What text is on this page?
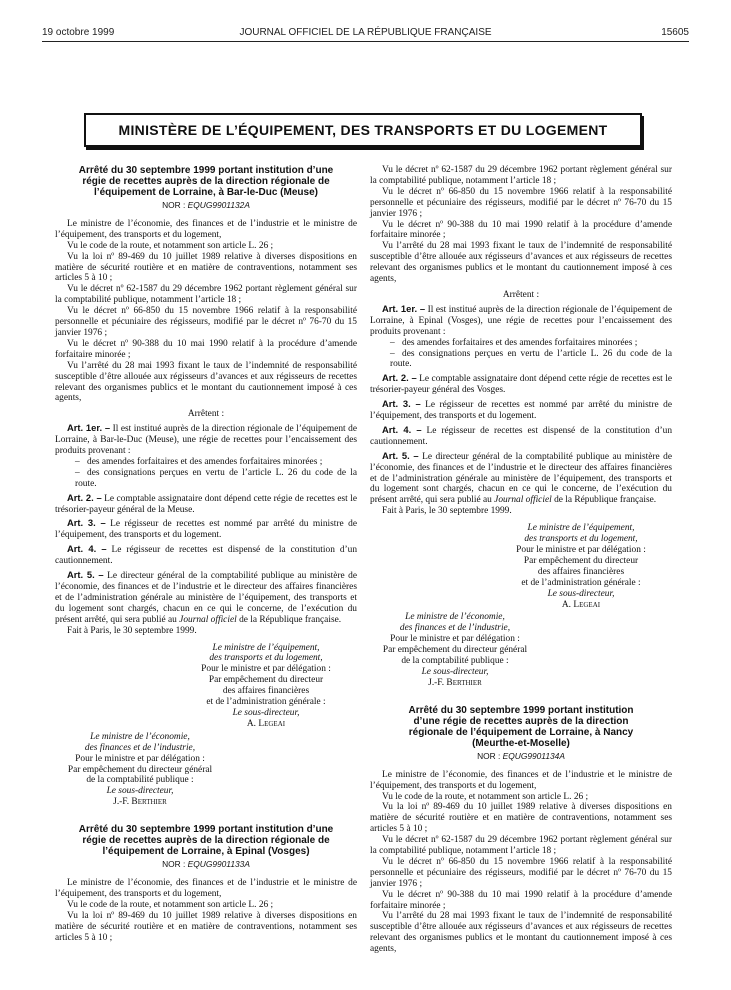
19 octobre 1999	JOURNAL OFFICIEL DE LA RÉPUBLIQUE FRANÇAISE	15605
MINISTÈRE DE L’ÉQUIPEMENT, DES TRANSPORTS ET DU LOGEMENT
Arrêté du 30 septembre 1999 portant institution d’une
régie de recettes auprès de la direction régionale de
l’équipement de Lorraine, à Bar-le-Duc (Meuse)
NOR : EQUG9901132A

Le ministre de l’économie, des finances et de l’industrie et le ministre de l’équipement, des transports et du logement,

Vu le code de la route, et notamment son article L. 26 ;

Vu la loi nº 89-469 du 10 juillet 1989 relative à diverses dispositions en matière de sécurité routière et en matière de contraventions, notamment ses articles 5 à 10 ;

Vu le décret nº 62-1587 du 29 décembre 1962 portant règlement général sur la comptabilité publique, notamment l’article 18 ;

Vu le décret nº 66-850 du 15 novembre 1966 relatif à la responsabilité personnelle et pécuniaire des régisseurs, modifié par le décret nº 76-70 du 15 janvier 1976 ;

Vu le décret nº 90-388 du 10 mai 1990 relatif à la procédure d’amende forfaitaire minorée ;

Vu l’arrêté du 28 mai 1993 fixant le taux de l’indemnité de responsabilité susceptible d’être allouée aux régisseurs d’avances et aux régisseurs de recettes relevant des organismes publics et le montant du cautionnement imposé à ces agents,

Arrêtent :

Art. 1er. – Il est institué auprès de la direction régionale de l’équipement de Lorraine, à Bar-le-Duc (Meuse), une régie de recettes pour l’encaissement des produits provenant :

– des amendes forfaitaires et des amendes forfaitaires minorées ;

– des consignations perçues en vertu de l’article L. 26 du code de la route.

Art. 2. – Le comptable assignataire dont dépend cette régie de recettes est le trésorier-payeur général de la Meuse.

Art. 3. – Le régisseur de recettes est nommé par arrêté du ministre de l’équipement, des transports et du logement.

Art. 4. – Le régisseur de recettes est dispensé de la constitution d’un cautionnement.

Art. 5. – Le directeur général de la comptabilité publique au ministère de l’économie, des finances et de l’industrie et le directeur des affaires financières et de l’administration générale au ministère de l’équipement, des transports et du logement sont chargés, chacun en ce qui le concerne, de l’exécution du présent arrêté, qui sera publié au Journal officiel de la République française.

Fait à Paris, le 30 septembre 1999.

Le ministre de l’équipement,
des transports et du logement,
Pour le ministre et par délégation :
Par empêchement du directeur
des affaires financières
et de l’administration générale :
Le sous-directeur,
A. Legeai
Le ministre de l’économie,
des finances et de l’industrie,
Pour le ministre et par délégation :
Par empêchement du directeur général
de la comptabilité publique :
Le sous-directeur,
J.-F. Berthier
Arrêté du 30 septembre 1999 portant institution d’une
régie de recettes auprès de la direction régionale de
l’équipement de Lorraine, à Epinal (Vosges)
NOR : EQUG9901133A

Le ministre de l’économie, des finances et de l’industrie et le ministre de l’équipement, des transports et du logement,

Vu le code de la route, et notamment son article L. 26 ;

Vu la loi nº 89-469 du 10 juillet 1989 relative à diverses dispositions en matière de sécurité routière et en matière de contraventions, notamment ses articles 5 à 10 ;

Vu le décret nº 62-1587 du 29 décembre 1962 portant règlement général sur la comptabilité publique, notamment l’article 18 ;

Vu le décret nº 66-850 du 15 novembre 1966 relatif à la responsabilité personnelle et pécuniaire des régisseurs, modifié par le décret nº 76-70 du 15 janvier 1976 ;

Vu le décret nº 90-388 du 10 mai 1990 relatif à la procédure d’amende forfaitaire minorée ;

Vu l’arrêté du 28 mai 1993 fixant le taux de l’indemnité de responsabilité susceptible d’être allouée aux régisseurs d’avances et aux régisseurs de recettes relevant des organismes publics et le montant du cautionnement imposé à ces agents,

Arrêtent :

Art. 1er. – Il est institué auprès de la direction régionale de l’équipement de Lorraine, à Epinal (Vosges), une régie de recettes pour l’encaissement des produits provenant :

– des amendes forfaitaires et des amendes forfaitaires minorées ;

– des consignations perçues en vertu de l’article L. 26 du code de la route.

Art. 2. – Le comptable assignataire dont dépend cette régie de recettes est le trésorier-payeur général des Vosges.

Art. 3. – Le régisseur de recettes est nommé par arrêté du ministre de l’équipement, des transports et du logement.

Art. 4. – Le régisseur de recettes est dispensé de la constitution d’un cautionnement.

Art. 5. – Le directeur général de la comptabilité publique au ministère de l’économie, des finances et de l’industrie et le directeur des affaires financières et de l’administration générale au ministère de l’équipement, des transports et du logement sont chargés, chacun en ce qui le concerne, de l’exécution du présent arrêté, qui sera publié au Journal officiel de la République française.

Fait à Paris, le 30 septembre 1999.

Le ministre de l’équipement,
des transports et du logement,
Pour le ministre et par délégation :
Par empêchement du directeur
des affaires financières
et de l’administration générale :
Le sous-directeur,
A. Legeai
Le ministre de l’économie,
des finances et de l’industrie,
Pour le ministre et par délégation :
Par empêchement du directeur général
de la comptabilité publique :
Le sous-directeur,
J.-F. Berthier
Arrêté du 30 septembre 1999 portant institution
d’une régie de recettes auprès de la direction
régionale de l’équipement de Lorraine, à Nancy
(Meurthe-et-Moselle)
NOR : EQUG9901134A

Le ministre de l’économie, des finances et de l’industrie et le ministre de l’équipement, des transports et du logement,

Vu le code de la route, et notamment son article L. 26 ;

Vu la loi nº 89-469 du 10 juillet 1989 relative à diverses dispositions en matière de sécurité routière et en matière de contraventions, notamment ses articles 5 à 10 ;

Vu le décret nº 62-1587 du 29 décembre 1962 portant règlement général sur la comptabilité publique, notamment l’article 18 ;

Vu le décret nº 66-850 du 15 novembre 1966 relatif à la responsabilité personnelle et pécuniaire des régisseurs, modifié par le décret nº 76-70 du 15 janvier 1976 ;

Vu le décret nº 90-388 du 10 mai 1990 relatif à la procédure d’amende forfaitaire minorée ;

Vu l’arrêté du 28 mai 1993 fixant le taux de l’indemnité de responsabilité susceptible d’être allouée aux régisseurs d’avances et aux régisseurs de recettes relevant des organismes publics et le montant du cautionnement imposé à ces agents,
